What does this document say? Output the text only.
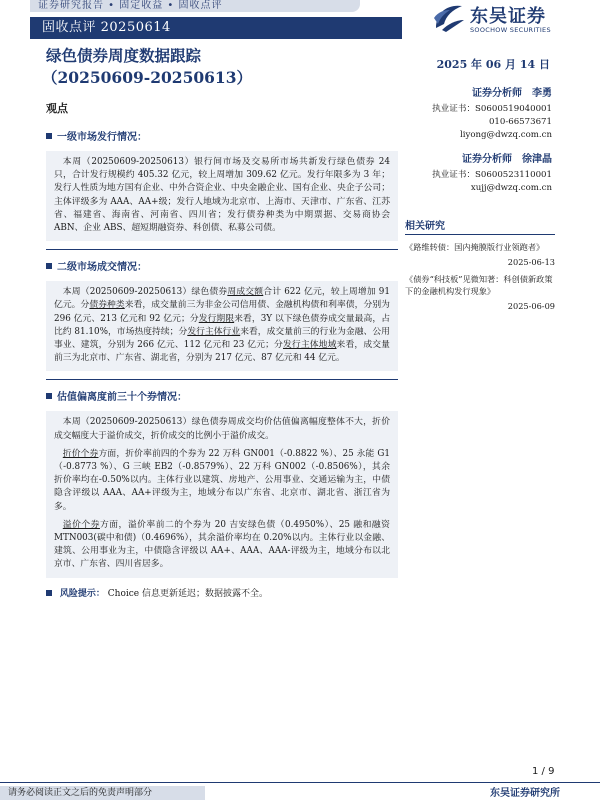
证券研究报告 • 固定收益 • 固收点评
固收点评 20250614
东吴证券
SOOCHOW SECURITIES
绿色债券周度数据跟踪
（20250609-20250613）
2025 年 06 月 14 日
观点
一级市场发行情况：

本周（20250609-20250613）银行间市场及交易所市场共新发行绿色债券 24 只，合计发行规模约 405.32 亿元，较上周增加 309.62 亿元。发行年限多为 3 年；发行人性质为地方国有企业、中外合资企业、中央金融企业、国有企业、央企子公司；主体评级多为 AAA、AA+级；发行人地域为北京市、上海市、天津市、广东省、江苏省、福建省、海南省、河南省、四川省；发行债券种类为中期票据、交易商协会 ABN、企业 ABS、超短期融资券、科创债、私募公司债。

二级市场成交情况：

本周（20250609-20250613）绿色债券周成交额合计 622 亿元，较上周增加 91 亿元。分债券种类来看，成交量前三为非金公司信用债、金融机构债和利率债，分别为 296 亿元、213 亿元和 92 亿元；分发行期限来看，3Y 以下绿色债券成交量最高，占比约 81.10%，市场热度持续；分发行主体行业来看，成交量前三的行业为金融、公用事业、建筑，分别为 266 亿元、112 亿元和 23 亿元；分发行主体地域来看，成交量前三为北京市、广东省、湖北省，分别为 217 亿元、87 亿元和 44 亿元。

估值偏离度前三十个券情况：

本周（20250609-20250613）绿色债券周成交均价估值偏离幅度整体不大，折价成交幅度大于溢价成交，折价成交的比例小于溢价成交。

折价个券方面，折价率前四的个券为 22 万科 GN001（-0.8822 %）、25 永能 G1（-0.8773 %）、G 三峡 EB2（-0.8579%）、22 万科 GN002（-0.8506%），其余折价率均在-0.50%以内。主体行业以建筑、房地产、公用事业、交通运输为主，中债隐含评级以 AAA、AA+评级为主，地域分布以广东省、北京市、湖北省、浙江省为多。

溢价个券方面，溢价率前二的个券为 20 吉安绿色债（0.4950%）、25 融和融资 MTN003(碳中和债)（0.4696%），其余溢价率均在 0.20%以内。主体行业以金融、建筑、公用事业为主，中债隐含评级以 AA+、AAA、AAA-评级为主，地域分布以北京市、广东省、四川省居多。

风险提示： Choice 信息更新延迟；数据披露不全。
证券分析师 李勇
执业证书：S0600519040001
010-66573671
liyong@dwzq.com.cn
证券分析师 徐津晶
执业证书：S0600523110001
xujj@dwzq.com.cn
相关研究
《路维转债：国内掩膜版行业领跑者》
2025-06-13
《债券“科技板”见微知著：科创债新政策下的金融机构发行现象》
2025-06-09
1 / 9
请务必阅读正文之后的免责声明部分	东吴证券研究所
